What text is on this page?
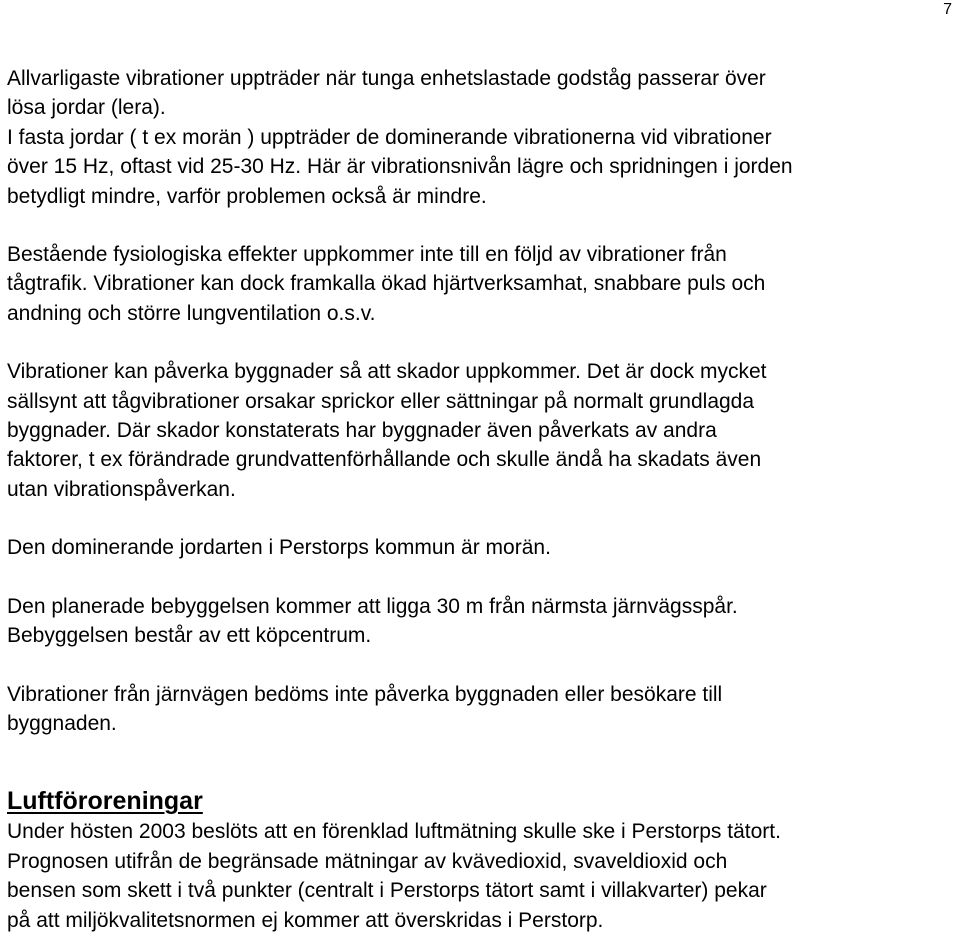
7

Allvarligaste vibrationer uppträder när tunga enhetslastade godståg passerar över
lösa jordar (lera).
I fasta jordar ( t ex morän ) uppträder de dominerande vibrationerna vid vibrationer
över 15 Hz, oftast vid 25-30 Hz. Här är vibrationsnivån lägre och spridningen i jorden
betydligt mindre, varför problemen också är mindre.

Bestående fysiologiska effekter uppkommer inte till en följd av vibrationer från
tågtrafik. Vibrationer kan dock framkalla ökad hjärtverksamhat, snabbare puls och
andning och större lungventilation o.s.v.

Vibrationer kan påverka byggnader så att skador uppkommer. Det är dock mycket
sällsynt att tågvibrationer orsakar sprickor eller sättningar på normalt grundlagda
byggnader. Där skador konstaterats har byggnader även påverkats av andra
faktorer, t ex förändrade grundvattenförhållande och skulle ändå ha skadats även
utan vibrationspåverkan.

Den dominerande jordarten i Perstorps kommun är morän.

Den planerade bebyggelsen kommer att ligga 30 m från närmsta järnvägsspår.
Bebyggelsen består av ett köpcentrum.

Vibrationer från järnvägen bedöms inte påverka byggnaden eller besökare till
byggnaden.

Luftföroreningar

Under hösten 2003 beslöts att en förenklad luftmätning skulle ske i Perstorps tätort.
Prognosen utifrån de begränsade mätningar av kvävedioxid, svaveldioxid och
bensen som skett i två punkter (centralt i Perstorps tätort samt i villakvarter) pekar
på att miljökvalitetsnormen ej kommer att överskridas i Perstorp.
